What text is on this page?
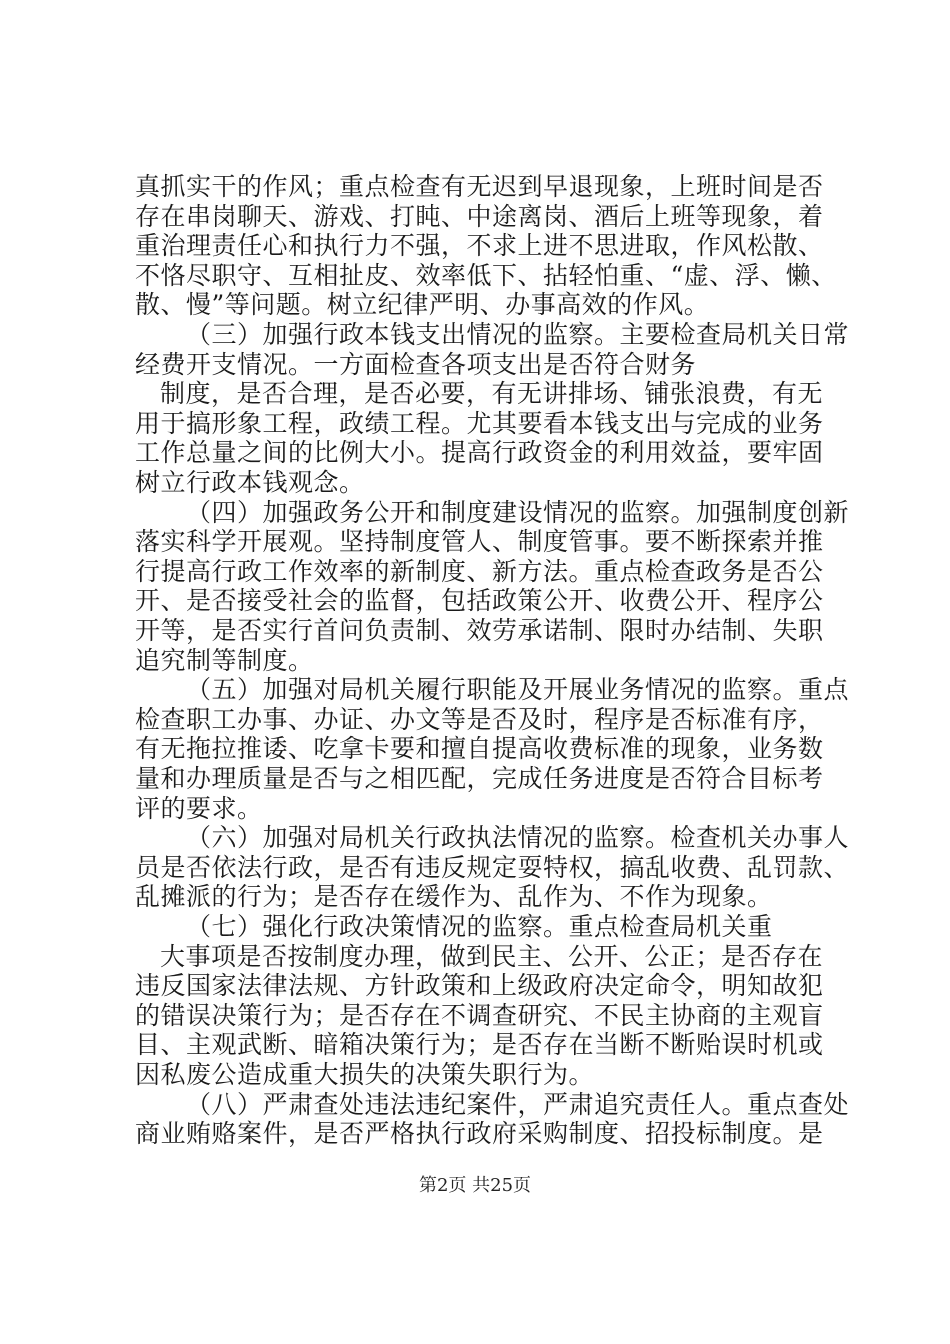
真抓实干的作风；重点检查有无迟到早退现象，上班时间是否
存在串岗聊天、游戏、打盹、中途离岗、酒后上班等现象，着
重治理责任心和执行力不强，不求上进不思进取，作风松散、
不恪尽职守、互相扯皮、效率低下、拈轻怕重、“虚、浮、懒、
散、慢”等问题。树立纪律严明、办事高效的作风。
（三）加强行政本钱支出情况的监察。主要检查局机关日常
经费开支情况。一方面检查各项支出是否符合财务
制度，是否合理，是否必要，有无讲排场、铺张浪费，有无
用于搞形象工程，政绩工程。尤其要看本钱支出与完成的业务
工作总量之间的比例大小。提高行政资金的利用效益，要牢固
树立行政本钱观念。
（四）加强政务公开和制度建设情况的监察。加强制度创新
落实科学开展观。坚持制度管人、制度管事。要不断探索并推
行提高行政工作效率的新制度、新方法。重点检查政务是否公
开、是否接受社会的监督，包括政策公开、收费公开、程序公
开等，是否实行首问负责制、效劳承诺制、限时办结制、失职
追究制等制度。
（五）加强对局机关履行职能及开展业务情况的监察。重点
检查职工办事、办证、办文等是否及时，程序是否标准有序，
有无拖拉推诿、吃拿卡要和擅自提高收费标准的现象，业务数
量和办理质量是否与之相匹配，完成任务进度是否符合目标考
评的要求。
（六）加强对局机关行政执法情况的监察。检查机关办事人
员是否依法行政，是否有违反规定耍特权，搞乱收费、乱罚款、
乱摊派的行为；是否存在缓作为、乱作为、不作为现象。
（七）强化行政决策情况的监察。重点检查局机关重
大事项是否按制度办理，做到民主、公开、公正；是否存在
违反国家法律法规、方针政策和上级政府决定命令，明知故犯
的错误决策行为；是否存在不调查研究、不民主协商的主观盲
目、主观武断、暗箱决策行为；是否存在当断不断贻误时机或
因私废公造成重大损失的决策失职行为。
（八）严肃查处违法违纪案件，严肃追究责任人。重点查处
商业贿赂案件，是否严格执行政府采购制度、招投标制度。是
第2页 共25页
